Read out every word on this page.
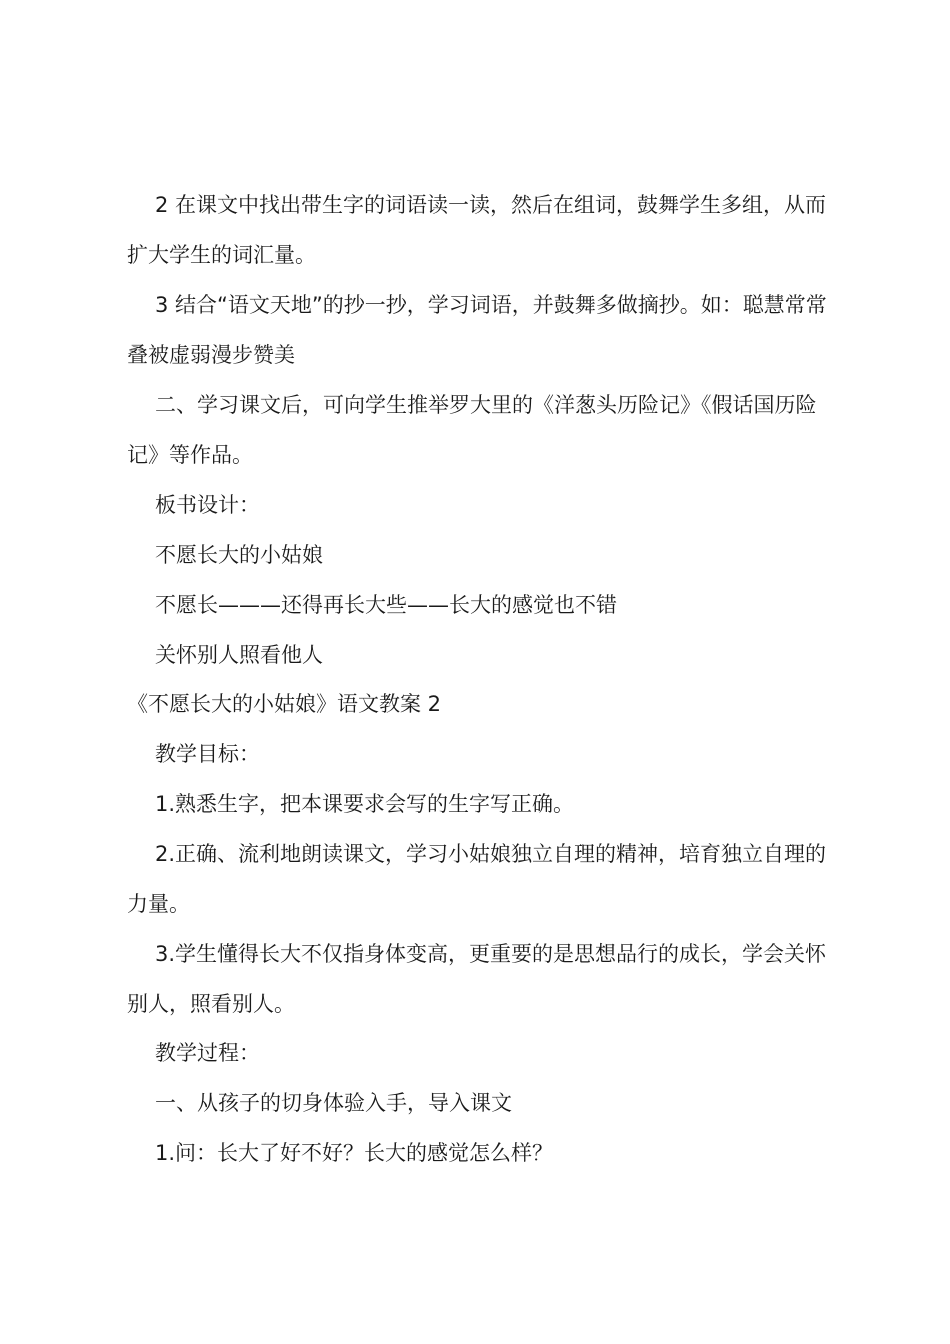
2 在课文中找出带生字的词语读一读，然后在组词，鼓舞学生多组，从而扩大学生的词汇量。

3 结合“语文天地”的抄一抄，学习词语，并鼓舞多做摘抄。如：聪慧常常叠被虚弱漫步赞美

二、学习课文后，可向学生推举罗大里的《洋葱头历险记》《假话国历险记》等作品。

板书设计：

不愿长大的小姑娘

不愿长———还得再长大些——长大的感觉也不错

关怀别人照看他人

《不愿长大的小姑娘》语文教案 2

教学目标：

1.熟悉生字，把本课要求会写的生字写正确。

2.正确、流利地朗读课文，学习小姑娘独立自理的精神，培育独立自理的力量。

3.学生懂得长大不仅指身体变高，更重要的是思想品行的成长，学会关怀别人，照看别人。

教学过程：

一、从孩子的切身体验入手，导入课文

1.问：长大了好不好？长大的感觉怎么样？
